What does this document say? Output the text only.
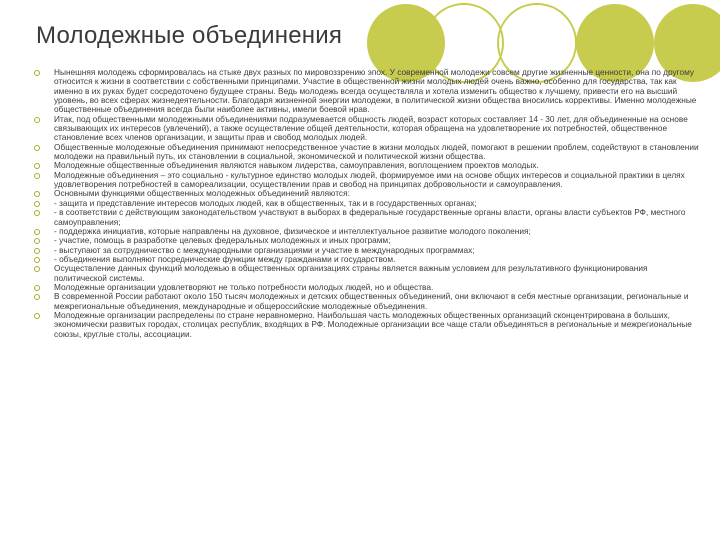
Молодежные объединения
Нынешняя молодежь сформировалась на стыке двух разных по мировоззрению эпох. У современной молодежи совсем другие жизненные ценности, она по другому относится к жизни в соответствии с собственными принципами. Участие в общественной жизни молодых людей очень важно, особенно для государства, так как именно в их руках будет сосредоточено будущее страны. Ведь молодежь всегда осуществляла и хотела изменить общество к лучшему, привести его на высший уровень, во всех сферах жизнедеятельности. Благодаря жизненной энергии молодежи, в политической жизни общества вносились коррективы. Именно молодежные общественные объединения всегда были наиболее активны, имели боевой нрав.
Итак, под общественными молодежными объединениями подразумевается общность людей, возраст которых составляет 14 - 30 лет, для объединенные на основе связывающих их интересов (увлечений), а также осуществление общей деятельности, которая обращена на удовлетворение их потребностей, общественное становление всех членов организации, и защиты прав и свобод молодых людей.
Общественные молодежные объединения принимают непосредственное участие в жизни молодых людей, помогают в решении проблем, содействуют в становлении молодежи на правильный путь, их становлении в социальной, экономической и политической жизни общества.
Молодежные общественные объединения являются навыком лидерства, самоуправления, воплощением проектов молодых.
Молодежные объединения – это социально - культурное единство молодых людей, формируемое ими на основе общих интересов и социальной практики в целях удовлетворения потребностей в самореализации, осуществлении прав и свобод на принципах добровольности и самоуправления.
Основными функциями общественных молодежных объединений являются:
- защита и представление интересов молодых людей, как в общественных, так и в государственных органах;
- в соответствии с действующим законодательством участвуют в выборах в федеральные государственные органы власти, органы власти субъектов РФ, местного самоуправления;
- поддержка инициатив, которые направлены на духовное, физическое и интеллектуальное развитие молодого поколения;
- участие, помощь в разработке целевых федеральных молодежных и иных программ;
- выступают за сотрудничество с международными организациями и участие в международных программах;
- объединения выполняют посреднические функции между гражданами и государством.
Осуществление данных функций молодежью в общественных организациях страны является важным условием для результативного функционирования политической системы.
Молодежные организации удовлетворяют не только потребности молодых людей, но и общества.
В современной России работают около 150 тысяч молодежных и детских общественных объединений, они включают в себя местные организации, региональные и межрегиональные объединения, международные и общероссийские молодежные объединения.
Молодежные организации распределены по стране неравномерно. Наибольшая часть молодежных общественных организаций сконцентрирована в больших, экономически развитых городах, столицах республик, входящих в РФ. Молодежные организации все чаще стали объединяться в региональные и межрегиональные союзы, круглые столы, ассоциации.
